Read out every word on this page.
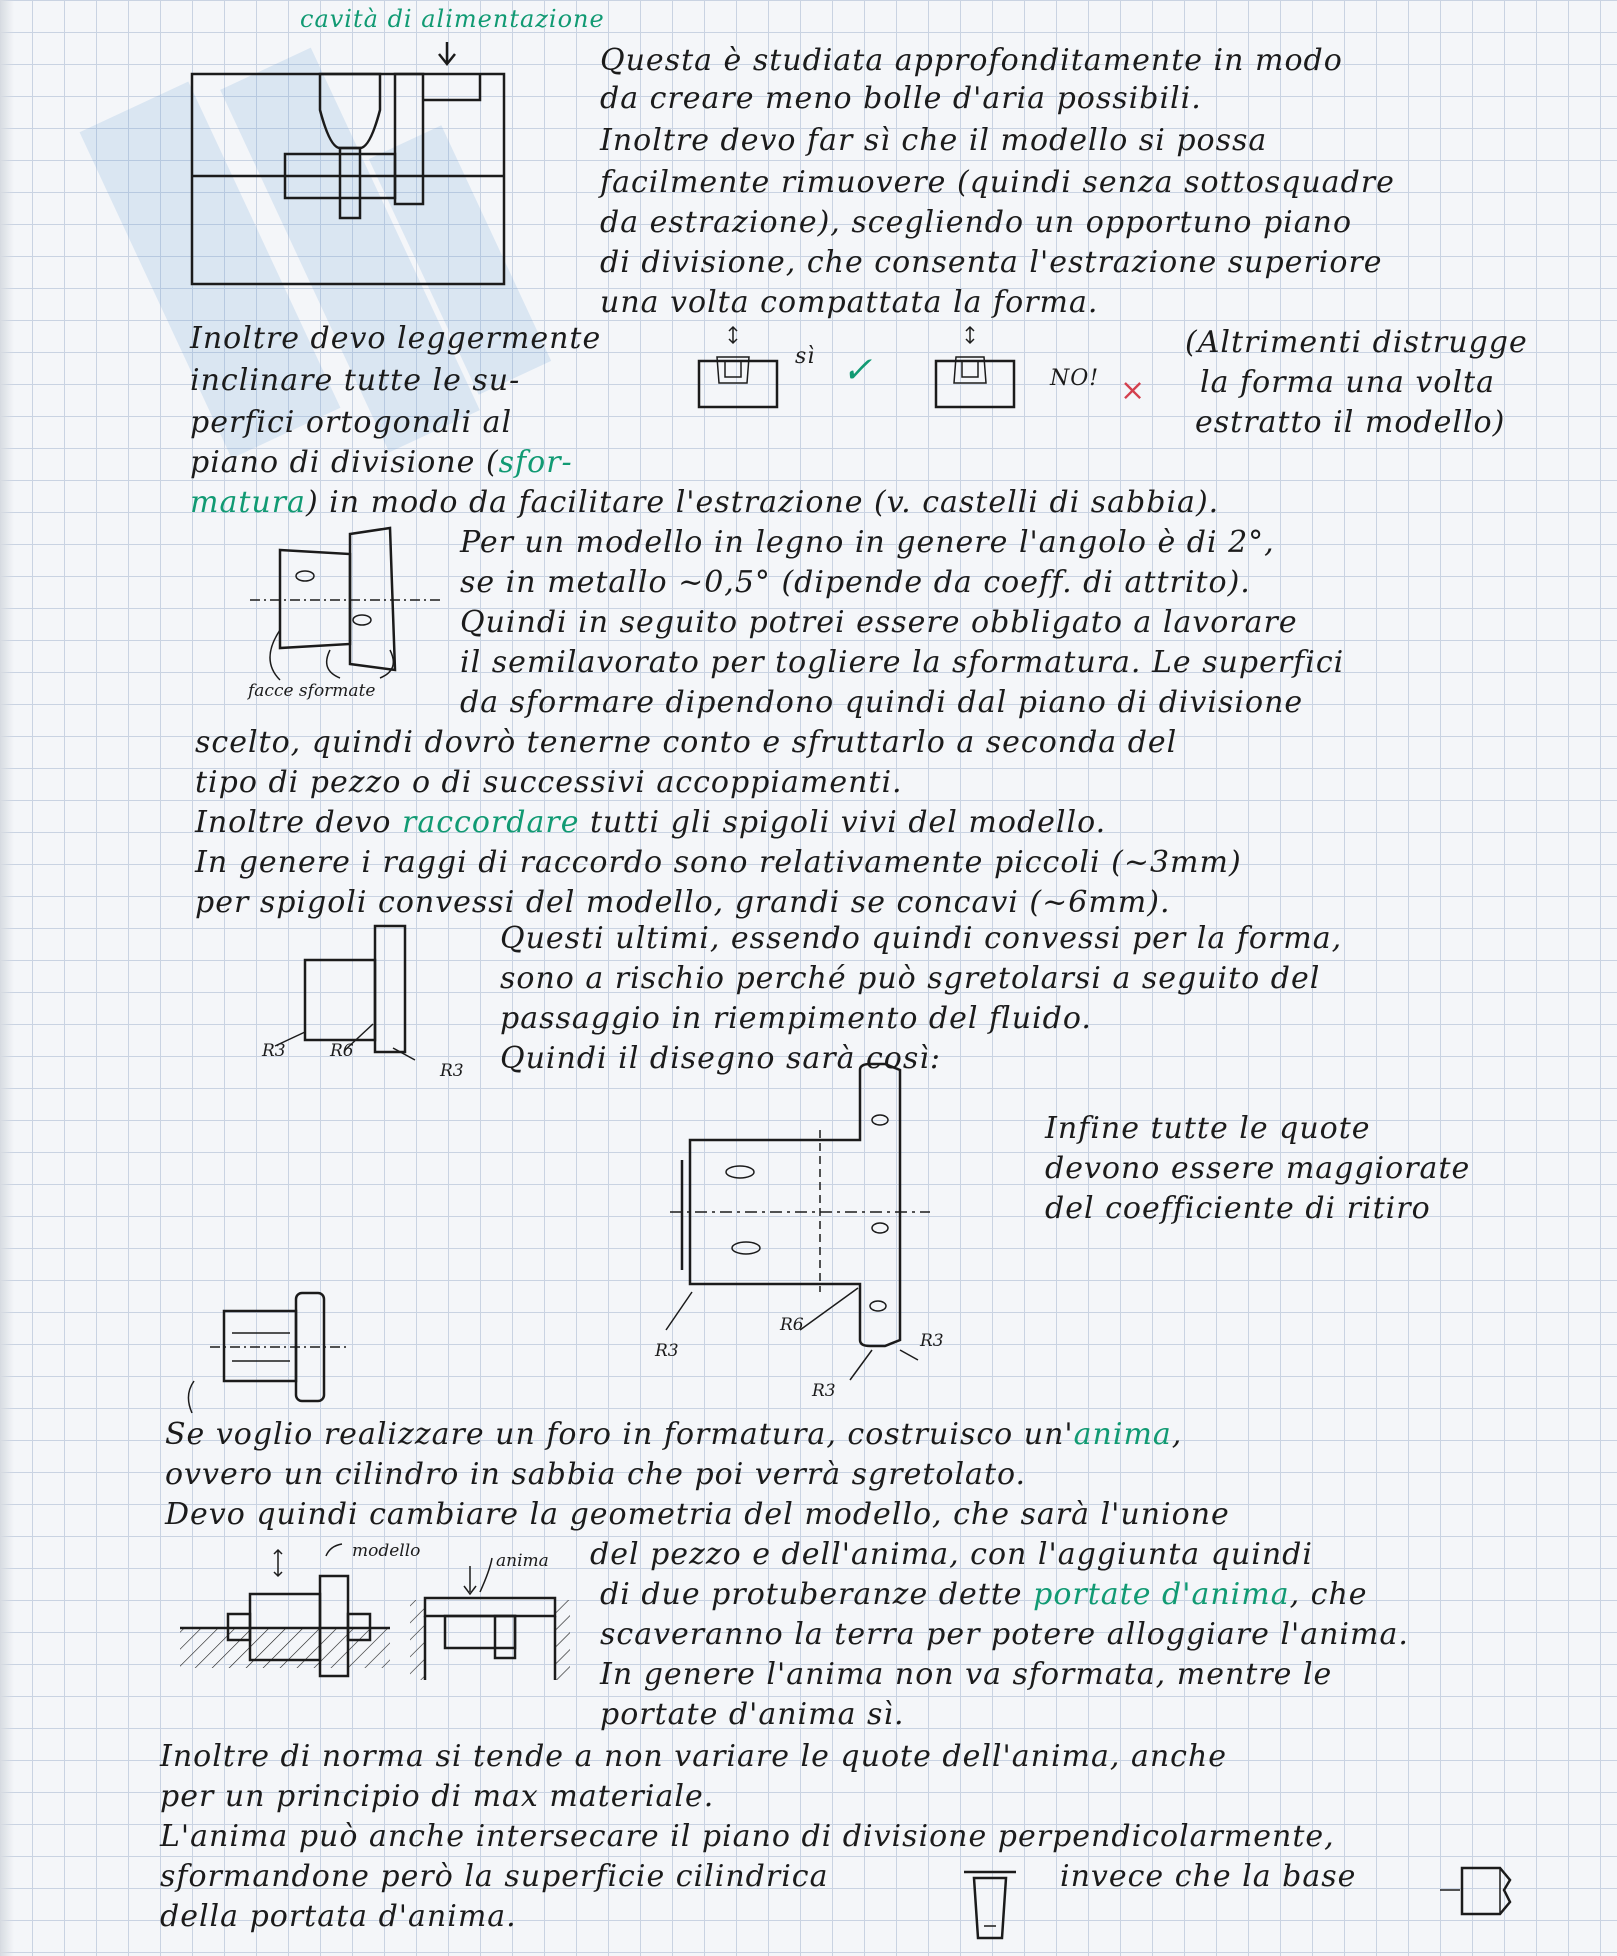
cavità di alimentazione
Questa è studiata approfonditamente in modo
da creare meno bolle d'aria possibili.
Inoltre devo far sì che il modello si possa
facilmente rimuovere (quindi senza sottosquadre
da estrazione), scegliendo un opportuno piano
di divisione, che consenta l'estrazione superiore
una volta compattata la forma.
Inoltre devo leggermente
inclinare tutte le su-
perfici ortogonali al
piano di divisione (sfor-
matura) in modo da facilitare l'estrazione (v. castelli di sabbia).
sì ✓	NO! ×
(Altrimenti distrugge
la forma una volta
estratto il modello)
facce sformate
Per un modello in legno in genere l'angolo è di 2°,
se in metallo ~0,5° (dipende da coeff. di attrito).
Quindi in seguito potrei essere obbligato a lavorare
il semilavorato per togliere la sformatura. Le superfici
da sformare dipendono quindi dal piano di divisione
scelto, quindi dovrò tenerne conto e sfruttarlo a seconda del
tipo di pezzo o di successivi accoppiamenti.
Inoltre devo raccordare tutti gli spigoli vivi del modello.
In genere i raggi di raccordo sono relativamente piccoli (~3mm)
per spigoli convessi del modello, grandi se concavi (~6mm).
R3	R6
R3
Questi ultimi, essendo quindi convessi per la forma,
sono a rischio perché può sgretolarsi a seguito del
passaggio in riempimento del fluido.
Quindi il disegno sarà così:
R3
R6
R3
R3
Infine tutte le quote
devono essere maggiorate
del coefficiente di ritiro
Se voglio realizzare un foro in formatura, costruisco un'anima,
ovvero un cilindro in sabbia che poi verrà sgretolato.
Devo quindi cambiare la geometria del modello, che sarà l'unione
modello	anima del pezzo e dell'anima, con l'aggiunta quindi
di due protuberanze dette portate d'anima, che
scaveranno la terra per potere alloggiare l'anima.
In genere l'anima non va sformata, mentre le
portate d'anima sì.
Inoltre di norma si tende a non variare le quote dell'anima, anche
per un principio di max materiale.
L'anima può anche intersecare il piano di divisione perpendicolarmente,
sformandone però la superficie cilindrica	invece che la base
della portata d'anima.
